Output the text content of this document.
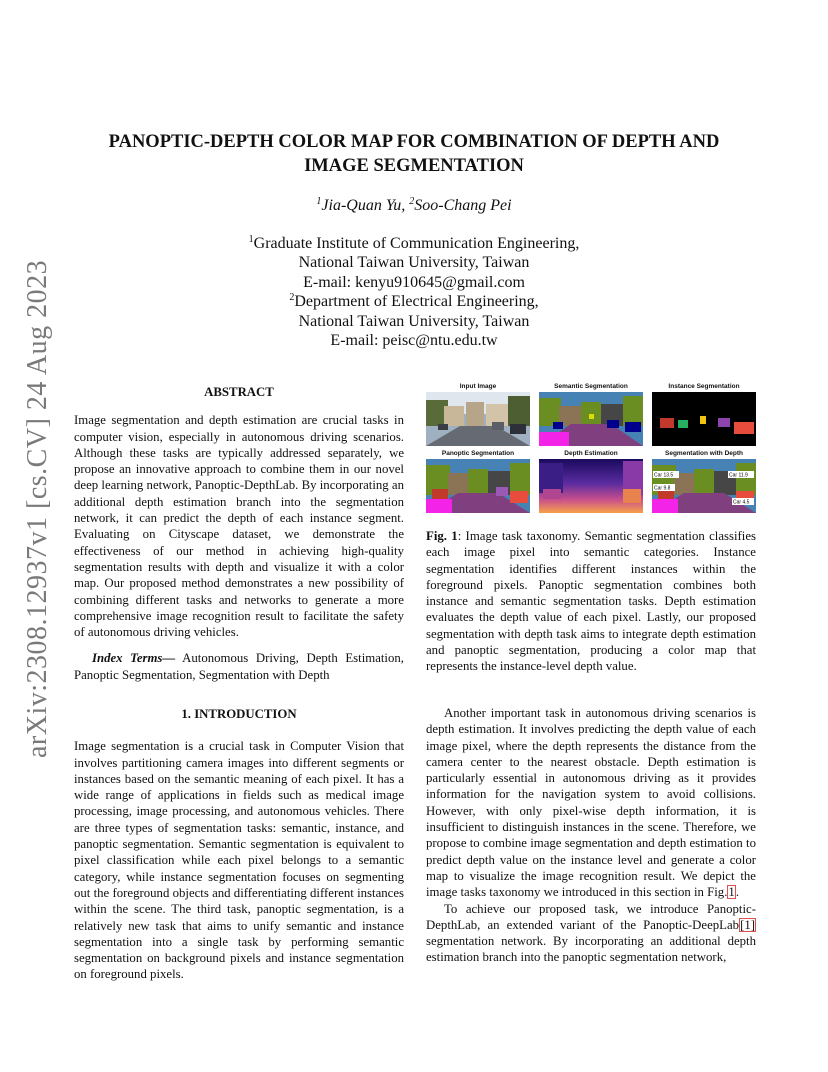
arXiv:2308.12937v1 [cs.CV] 24 Aug 2023
PANOPTIC-DEPTH COLOR MAP FOR COMBINATION OF DEPTH AND IMAGE SEGMENTATION
$^1$Jia-Quan Yu, $^2$Soo-Chang Pei
$^1$Graduate Institute of Communication Engineering,
National Taiwan University, Taiwan
E-mail: kenyu910645@gmail.com
$^2$Department of Electrical Engineering,
National Taiwan University, Taiwan
E-mail: peisc@ntu.edu.tw
ABSTRACT

Image segmentation and depth estimation are crucial tasks in computer vision, especially in autonomous driving scenarios. Although these tasks are typically addressed separately, we propose an innovative approach to combine them in our novel deep learning network, Panoptic-DepthLab. By incorporating an additional depth estimation branch into the segmentation network, it can predict the depth of each instance segment. Evaluating on Cityscape dataset, we demonstrate the effectiveness of our method in achieving high-quality segmentation results with depth and visualize it with a color map. Our proposed method demonstrates a new possibility of combining different tasks and networks to generate a more comprehensive image recognition result to facilitate the safety of autonomous driving vehicles.

Index Terms— Autonomous Driving, Depth Estimation, Panoptic Segmentation, Segmentation with Depth

1. INTRODUCTION

Image segmentation is a crucial task in Computer Vision that involves partitioning camera images into different segments or instances based on the semantic meaning of each pixel. It has a wide range of applications in fields such as medical image processing, image processing, and autonomous vehicles. There are three types of segmentation tasks: semantic, instance, and panoptic segmentation. Semantic segmentation is equivalent to pixel classification while each pixel belongs to a semantic category, while instance segmentation focuses on segmenting out the foreground objects and differentiating different instances within the scene. The third task, panoptic segmentation, is a relatively new task that aims to unify semantic and instance segmentation into a single task by performing semantic segmentation on background pixels and instance segmentation on foreground pixels.

Input Image	Semantic Segmentation	Instance Segmentation
Panoptic Segmentation	Depth Estimation	Segmentation with Depth
Car 13.5	Car 11.9
Car 9.8
Car 4.5

Fig. 1: Image task taxonomy. Semantic segmentation classifies each image pixel into semantic categories. Instance segmentation identifies different instances within the foreground pixels. Panoptic segmentation combines both instance and semantic segmentation tasks. Depth estimation evaluates the depth value of each pixel. Lastly, our proposed segmentation with depth task aims to integrate depth estimation and panoptic segmentation, producing a color map that represents the instance-level depth value.

Another important task in autonomous driving scenarios is depth estimation. It involves predicting the depth value of each image pixel, where the depth represents the distance from the camera center to the nearest obstacle. Depth estimation is particularly essential in autonomous driving as it provides information for the navigation system to avoid collisions. However, with only pixel-wise depth information, it is insufficient to distinguish instances in the scene. Therefore, we propose to combine image segmentation and depth estimation to predict depth value on the instance level and generate a color map to visualize the image recognition result. We depict the image tasks taxonomy we introduced in this section in Fig.1.

To achieve our proposed task, we introduce Panoptic-DepthLab, an extended variant of the Panoptic-DeepLab[1] segmentation network. By incorporating an additional depth estimation branch into the panoptic segmentation network,
